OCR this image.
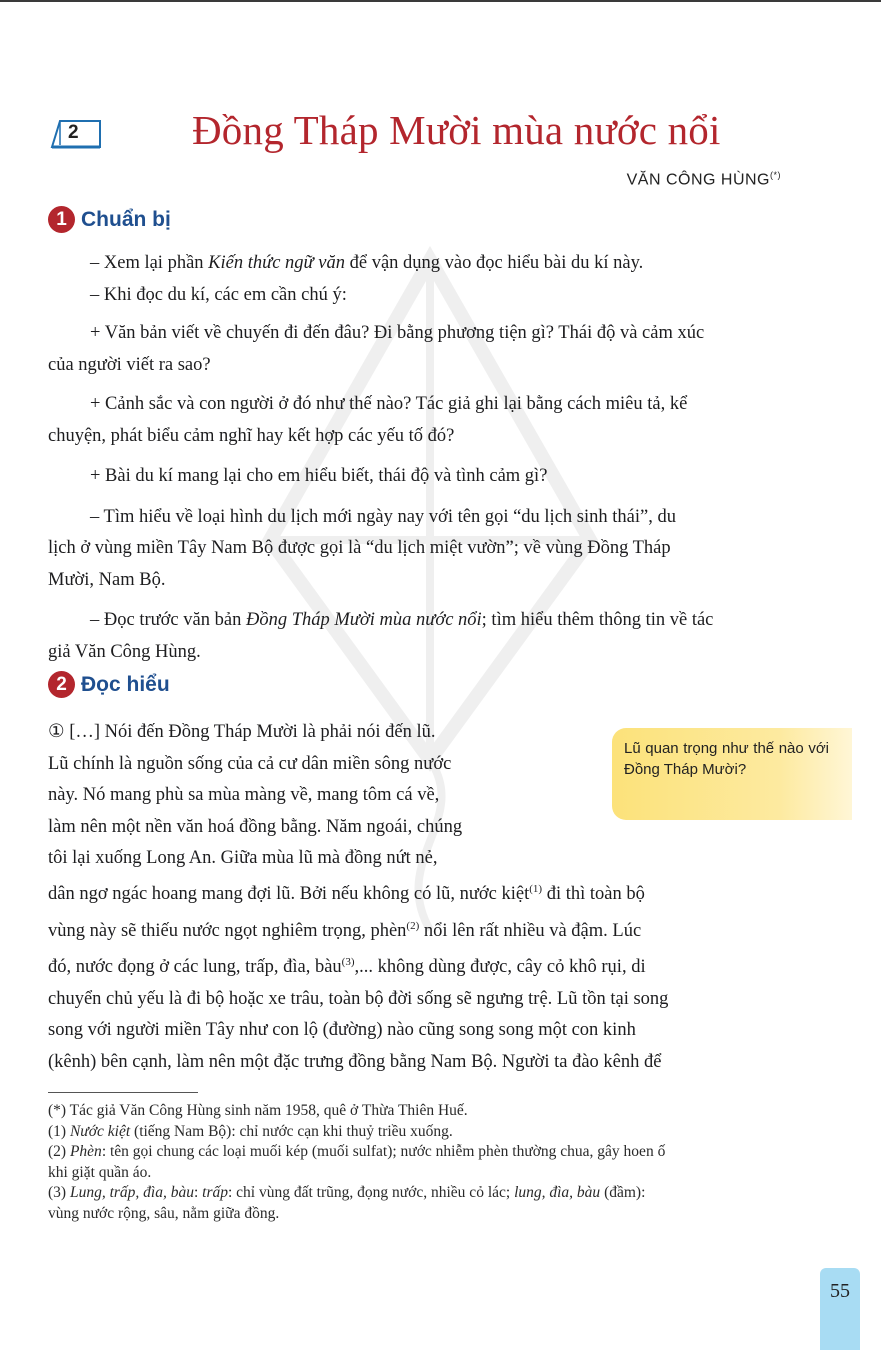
2	Đồng Tháp Mười mùa nước nổi
VĂN CÔNG HÙNG(*)
1 Chuẩn bị
– Xem lại phần Kiến thức ngữ văn để vận dụng vào đọc hiểu bài du kí này.
– Khi đọc du kí, các em cần chú ý:
+ Văn bản viết về chuyến đi đến đâu? Đi bằng phương tiện gì? Thái độ và cảm xúc
của người viết ra sao?
+ Cảnh sắc và con người ở đó như thế nào? Tác giả ghi lại bằng cách miêu tả, kể
chuyện, phát biểu cảm nghĩ hay kết hợp các yếu tố đó?
+ Bài du kí mang lại cho em hiểu biết, thái độ và tình cảm gì?
– Tìm hiểu về loại hình du lịch mới ngày nay với tên gọi “du lịch sinh thái”, du
lịch ở vùng miền Tây Nam Bộ được gọi là “du lịch miệt vườn”; về vùng Đồng Tháp
Mười, Nam Bộ.
– Đọc trước văn bản Đồng Tháp Mười mùa nước nổi; tìm hiểu thêm thông tin về tác
giả Văn Công Hùng.
2 Đọc hiểu
Lũ quan trọng như thế nào với Đồng Tháp Mười?
① […] Nói đến Đồng Tháp Mười là phải nói đến lũ.
Lũ chính là nguồn sống của cả cư dân miền sông nước
này. Nó mang phù sa mùa màng về, mang tôm cá về,
làm nên một nền văn hoá đồng bằng. Năm ngoái, chúng
tôi lại xuống Long An. Giữa mùa lũ mà đồng nứt nẻ,
dân ngơ ngác hoang mang đợi lũ. Bởi nếu không có lũ, nước kiệt$^{(1)}$ đi thì toàn bộ
vùng này sẽ thiếu nước ngọt nghiêm trọng, phèn$^{(2)}$ nổi lên rất nhiều và đậm. Lúc
đó, nước đọng ở các lung, trấp, đìa, bàu$^{(3)}$,... không dùng được, cây cỏ khô rụi, di
chuyển chủ yếu là đi bộ hoặc xe trâu, toàn bộ đời sống sẽ ngưng trệ. Lũ tồn tại song
song với người miền Tây như con lộ (đường) nào cũng song song một con kinh
(kênh) bên cạnh, làm nên một đặc trưng đồng bằng Nam Bộ. Người ta đào kênh để
(*) Tác giả Văn Công Hùng sinh năm 1958, quê ở Thừa Thiên Huế.
(1) Nước kiệt (tiếng Nam Bộ): chỉ nước cạn khi thuỷ triều xuống.
(2) Phèn: tên gọi chung các loại muối kép (muối sulfat); nước nhiễm phèn thường chua, gây hoen ố
khi giặt quần áo.
(3) Lung, trấp, đìa, bàu: trấp: chỉ vùng đất trũng, đọng nước, nhiều cỏ lác; lung, đìa, bàu (đầm):
vùng nước rộng, sâu, nằm giữa đồng.
55
